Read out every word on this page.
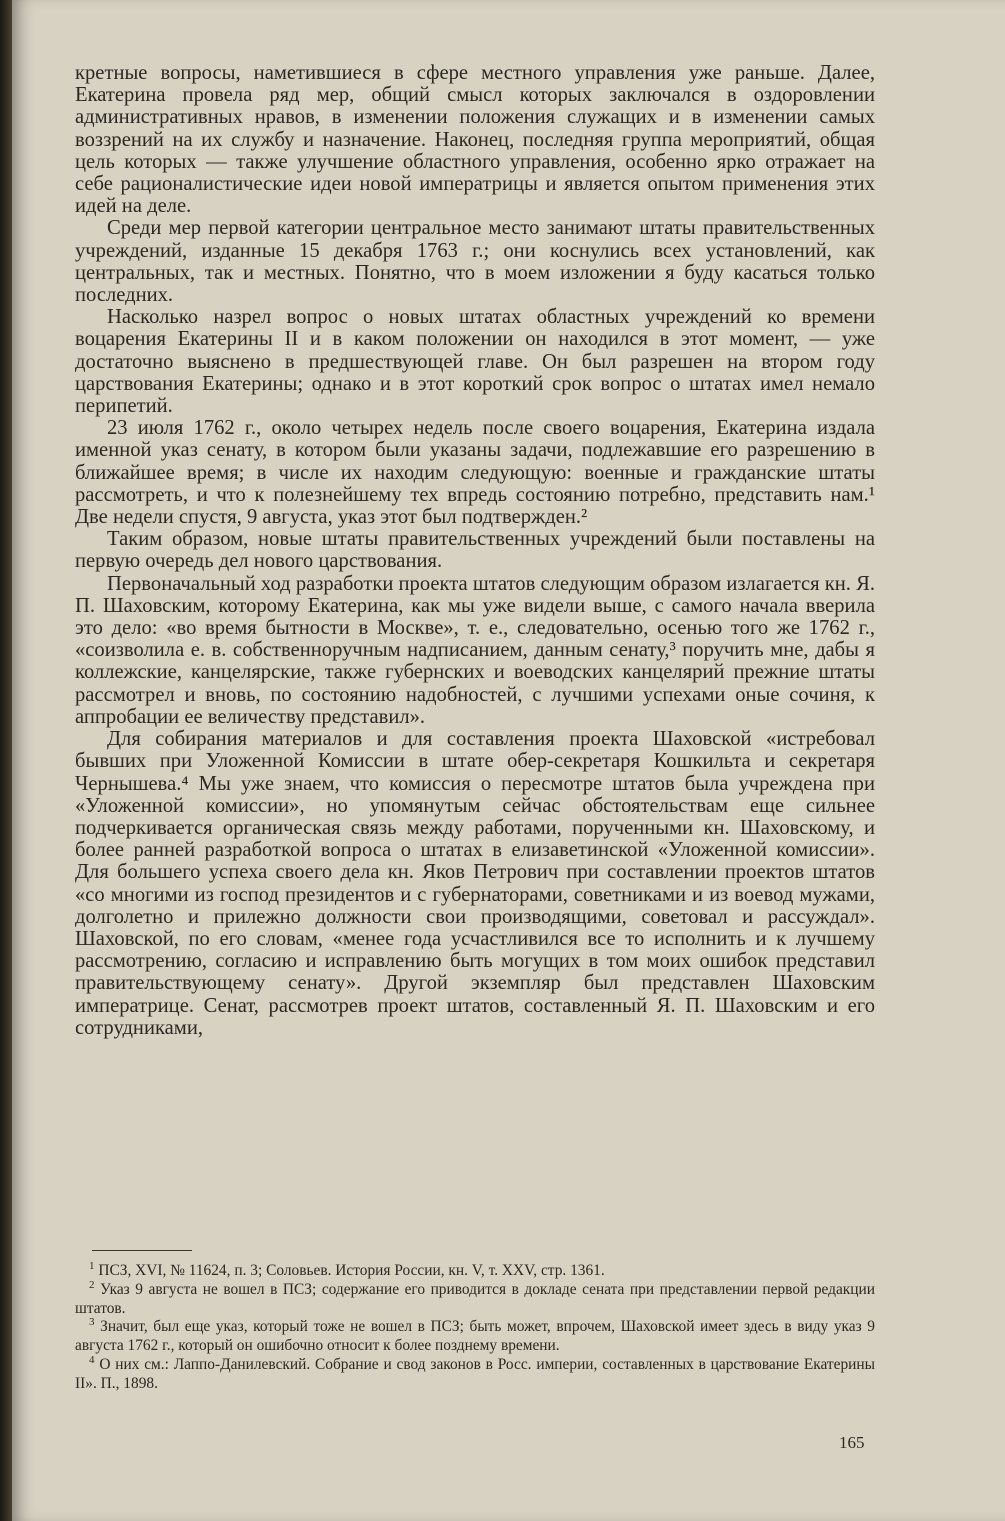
кретные вопросы, наметившиеся в сфере местного управления уже раньше. Далее, Екатерина провела ряд мер, общий смысл которых заключался в оздоровлении административных нравов, в изменении положения служащих и в изменении самых воззрений на их службу и назначение. Наконец, последняя группа мероприятий, общая цель которых — также улучшение областного управления, особенно ярко отражает на себе рационалистические идеи новой императрицы и является опытом применения этих идей на деле.

Среди мер первой категории центральное место занимают штаты правительственных учреждений, изданные 15 декабря 1763 г.; они коснулись всех установлений, как центральных, так и местных. Понятно, что в моем изложении я буду касаться только последних.

Насколько назрел вопрос о новых штатах областных учреждений ко времени воцарения Екатерины II и в каком положении он находился в этот момент, — уже достаточно выяснено в предшествующей главе. Он был разрешен на втором году царствования Екатерины; однако и в этот короткий срок вопрос о штатах имел немало перипетий.

23 июля 1762 г., около четырех недель после своего воцарения, Екатерина издала именной указ сенату, в котором были указаны задачи, подлежавшие его разрешению в ближайшее время; в числе их находим следующую: военные и гражданские штаты рассмотреть, и что к полезнейшему тех впредь состоянию потребно, представить нам.¹ Две недели спустя, 9 августа, указ этот был подтвержден.²

Таким образом, новые штаты правительственных учреждений были поставлены на первую очередь дел нового царствования.

Первоначальный ход разработки проекта штатов следующим образом излагается кн. Я. П. Шаховским, которому Екатерина, как мы уже видели выше, с самого начала вверила это дело: «во время бытности в Москве», т. е., следовательно, осенью того же 1762 г., «соизволила е. в. собственноручным надписанием, данным сенату,³ поручить мне, дабы я коллежские, канцелярские, также губернских и воеводских канцелярий прежние штаты рассмотрел и вновь, по состоянию надобностей, с лучшими успехами оные сочиня, к аппробации ее величеству представил».

Для собирания материалов и для составления проекта Шаховской «истребовал бывших при Уложенной Комиссии в штате обер-секретаря Кошкильта и секретаря Чернышева.⁴ Мы уже знаем, что комиссия о пересмотре штатов была учреждена при «Уложенной комиссии», но упомянутым сейчас обстоятельствам еще сильнее подчеркивается органическая связь между работами, порученными кн. Шаховскому, и более ранней разработкой вопроса о штатах в елизаветинской «Уложенной комиссии». Для большего успеха своего дела кн. Яков Петрович при составлении проектов штатов «со многими из господ президентов и с губернаторами, советниками и из воевод мужами, долголетно и прилежно должности свои производящими, советовал и рассуждал». Шаховской, по его словам, «менее года усчастливился все то исполнить и к лучшему рассмотрению, согласию и исправлению быть могущих в том моих ошибок представил правительствующему сенату». Другой экземпляр был представлен Шаховским императрице. Сенат, рассмотрев проект штатов, составленный Я. П. Шаховским и его сотрудниками,

$^1$ ПСЗ, XVI, № 11624, п. 3; Соловьев. История России, кн. V, т. XXV, стр. 1361.

$^2$ Указ 9 августа не вошел в ПСЗ; содержание его приводится в докладе сената при представлении первой редакции штатов.

$^3$ Значит, был еще указ, который тоже не вошел в ПСЗ; быть может, впрочем, Шаховской имеет здесь в виду указ 9 августа 1762 г., который он ошибочно относит к более позднему времени.

$^4$ О них см.: Лаппо-Данилевский. Собрание и свод законов в Росс. империи, составленных в царствование Екатерины II». П., 1898.

165
